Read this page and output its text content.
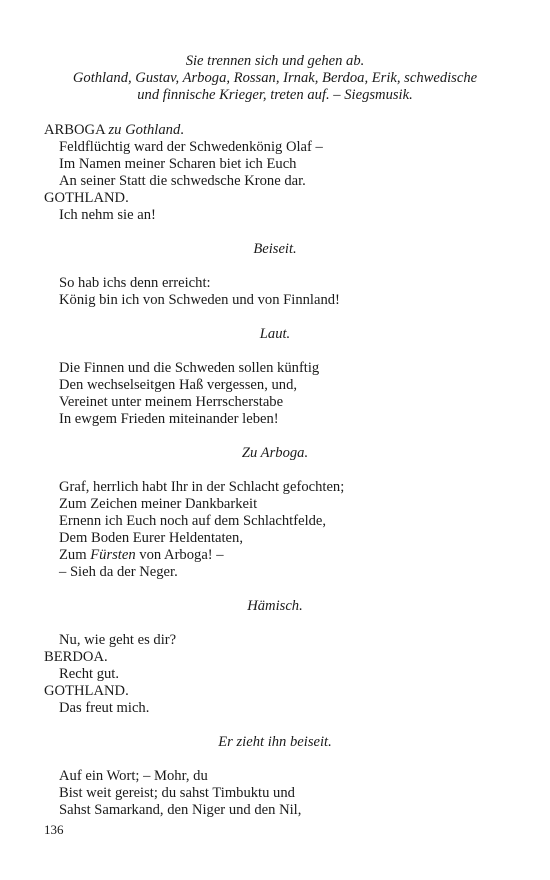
Sie trennen sich und gehen ab.
Gothland, Gustav, Arboga, Rossan, Irnak, Berdoa, Erik, schwedische
und finnische Krieger, treten auf. – Siegsmusik.
ARBOGA zu Gothland.
Feldflüchtig ward der Schwedenkönig Olaf –
Im Namen meiner Scharen biet ich Euch
An seiner Statt die schwedsche Krone dar.
GOTHLAND.
Ich nehm sie an!
Beiseit.
So hab ichs denn erreicht:
König bin ich von Schweden und von Finnland!
Laut.
Die Finnen und die Schweden sollen künftig
Den wechselseitgen Haß vergessen, und,
Vereinet unter meinem Herrscherstabe
In ewgem Frieden miteinander leben!
Zu Arboga.
Graf, herrlich habt Ihr in der Schlacht gefochten;
Zum Zeichen meiner Dankbarkeit
Ernenn ich Euch noch auf dem Schlachtfelde,
Dem Boden Eurer Heldentaten,
Zum Fürsten von Arboga! –
– Sieh da der Neger.
Hämisch.
Nu, wie geht es dir?
BERDOA.
Recht gut.
GOTHLAND.
Das freut mich.
Er zieht ihn beiseit.
Auf ein Wort; – Mohr, du
Bist weit gereist; du sahst Timbuktu und
Sahst Samarkand, den Niger und den Nil,
136
